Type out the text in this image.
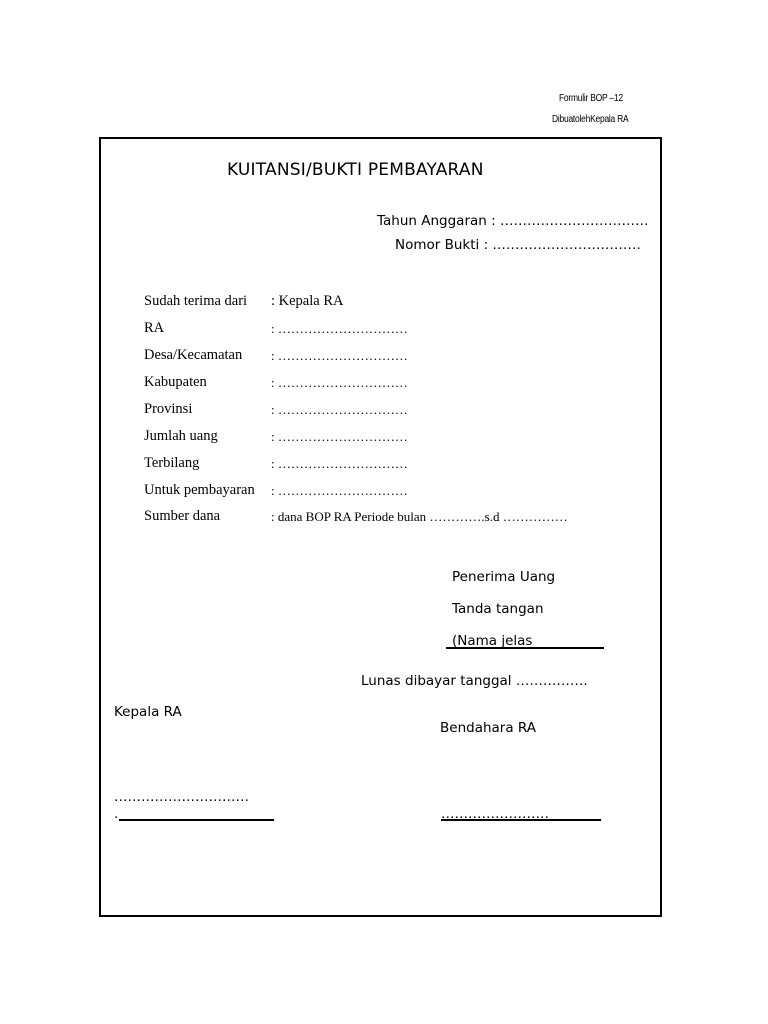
Formulir BOP –12
DibuatolehKepala RA
KUITANSI/BUKTI PEMBAYARAN
Tahun Anggaran : ……………………………
Nomor Bukti : ……………………………
Sudah terima dari : Kepala RA
RA	: …………………………
Desa/Kecamatan : …………………………
Kabupaten	: …………………………
Provinsi	: …………………………
Jumlah uang	: …………………………
Terbilang	: …………………………
Untuk pembayaran : …………………………
Sumber dana	: dana BOP RA Periode bulan ………….s.d ……………
Penerima Uang
Tanda tangan
(Nama jelas
Lunas dibayar tanggal …………….
Kepala RA
Bendahara RA
…………………………
.	……………………
